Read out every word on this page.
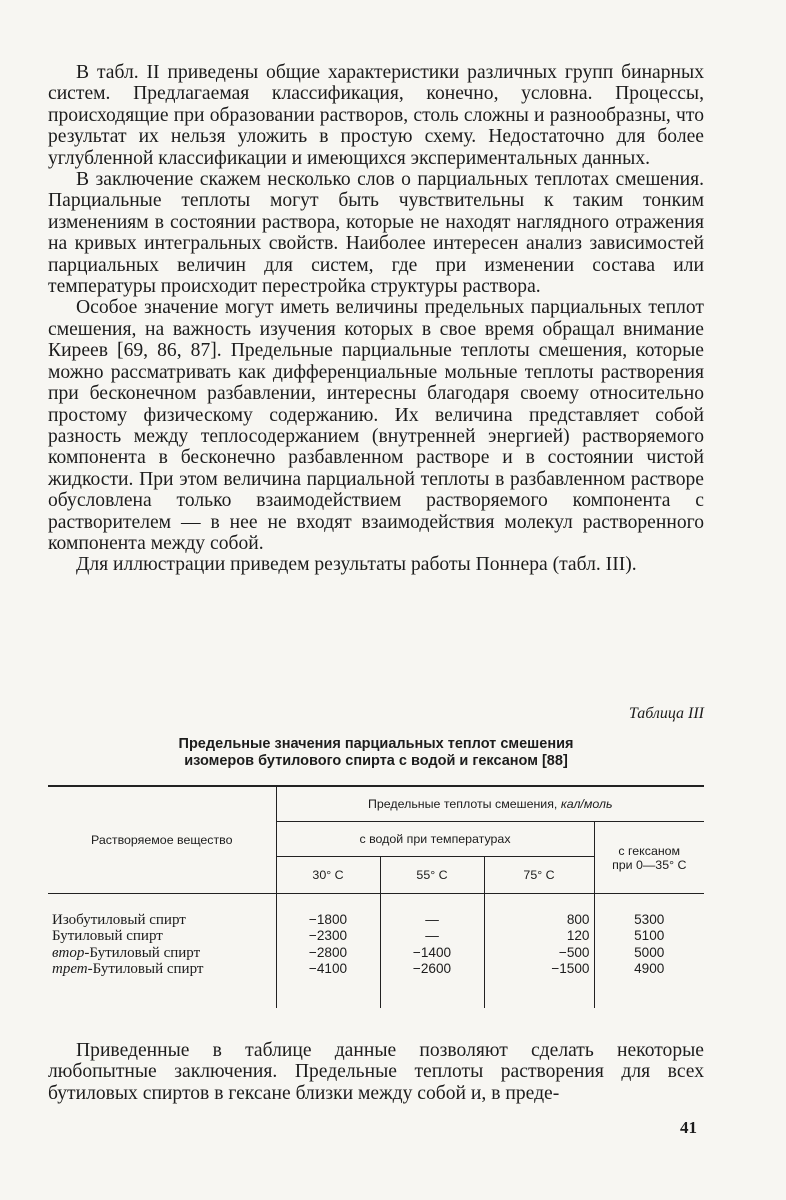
В табл. II приведены общие характеристики различных групп бинарных систем. Предлагаемая классификация, конечно, условна. Процессы, происходящие при образовании растворов, столь сложны и разнообразны, что результат их нельзя уложить в простую схему. Недостаточно для более углубленной классификации и имеющихся экспериментальных данных.

В заключение скажем несколько слов о парциальных теплотах смешения. Парциальные теплоты могут быть чувствительны к таким тонким изменениям в состоянии раствора, которые не находят наглядного отражения на кривых интегральных свойств. Наиболее интересен анализ зависимостей парциальных величин для систем, где при изменении состава или температуры происходит перестройка структуры раствора.

Особое значение могут иметь величины предельных парциальных теплот смешения, на важность изучения которых в свое время обращал внимание Киреев [69, 86, 87]. Предельные парциальные теплоты смешения, которые можно рассматривать как дифференциальные мольные теплоты растворения при бесконечном разбавлении, интересны благодаря своему относительно простому физическому содержанию. Их величина представляет собой разность между теплосодержанием (внутренней энергией) растворяемого компонента в бесконечно разбавленном растворе и в состоянии чистой жидкости. При этом величина парциальной теплоты в разбавленном растворе обусловлена только взаимодействием растворяемого компонента с растворителем — в нее не входят взаимодействия молекул растворенного компонента между собой.

Для иллюстрации приведем результаты работы Поннера (табл. III).

Таблица III
Предельные значения парциальных теплот смешения
изомеров бутилового спирта с водой и гексаном [88]
Растворяемое вещество	Предельные теплоты смешения, кал/моль			
	с водой при температурах			с гексаном
при 0—35° С

	30° С	55° С	75° С	

Изобутиловый спирт	−1800	—	800	5300
Бутиловый спирт	−2300	—	120	5100
втор-Бутиловый спирт	−2800	−1400	−500	5000
трет-Бутиловый спирт	−4100	−2600	−1500	4900

Приведенные в таблице данные позволяют сделать некоторые любопытные заключения. Предельные теплоты растворения для всех бутиловых спиртов в гексане близки между собой и, в преде-

41
